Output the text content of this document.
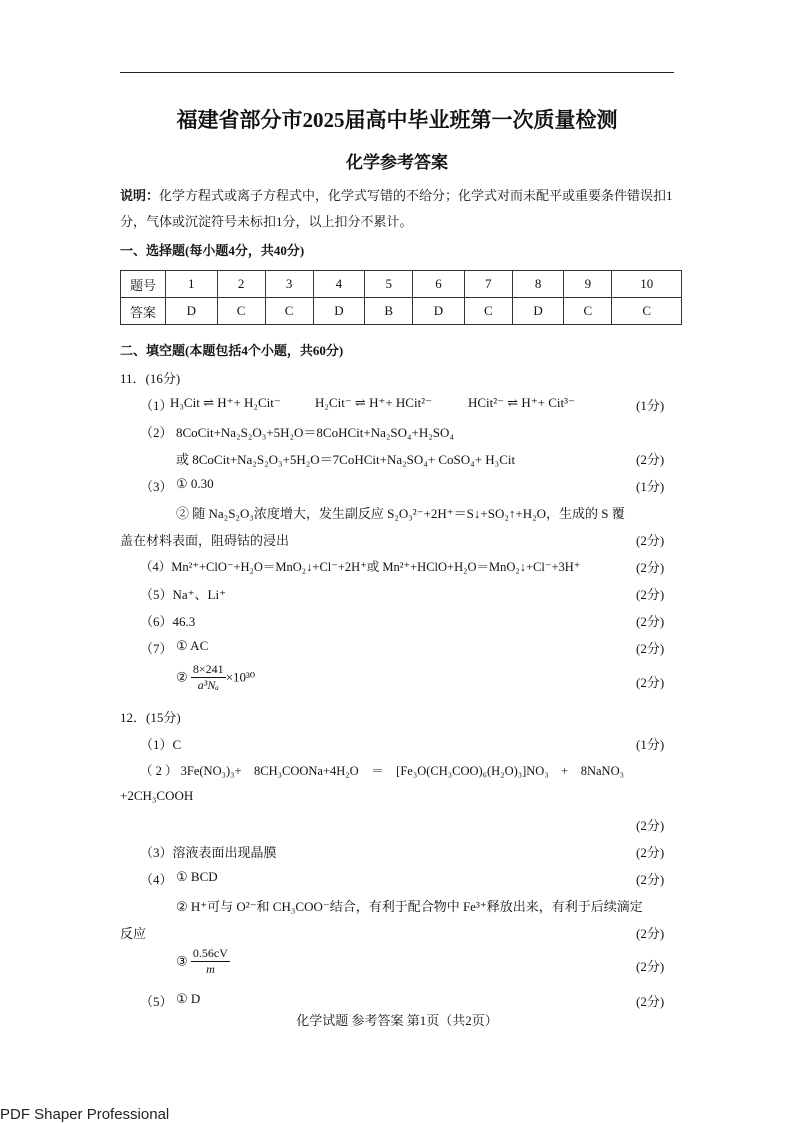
福建省部分市2025届高中毕业班第一次质量检测
化学参考答案
说明：化学方程式或离子方程式中，化学式写错的不给分；化学式对而未配平或重要条件错误扣1分，气体或沉淀符号未标扣1分，以上扣分不累计。
一、选择题(每小题4分，共40分)
题号	1	2	3	4	5	6	7	8	9	10
答案	D	C	C	D	B	D	C	D	C	C
二、填空题(本题包括4个小题，共60分)
11．(16分)
（1）
H₃Cit ⇌ H⁺+ H₂Cit⁻	H₂Cit⁻ ⇌ H⁺+ HCit²⁻	HCit²⁻ ⇌ H⁺+ Cit³⁻	(1分)
（2） 8CoCit+Na₂S₂O₃+5H₂O＝8CoHCit+Na₂SO₄+H₂SO₄
或 8CoCit+Na₂S₂O₃+5H₂O＝7CoHCit+Na₂SO₄+ CoSO₄+ H₃Cit	(2分)
（3） ① 0.30	(1分)
② 随 Na₂S₂O₃浓度增大，发生副反应 S₂O₃²⁻+2H⁺＝S↓+SO₂↑+H₂O，生成的 S 覆
盖在材料表面，阻碍钴的浸出	(2分)
（4）Mn²⁺+ClO⁻+H₂O＝MnO₂↓+Cl⁻+2H⁺或 Mn²⁺+HClO+H₂O＝MnO₂↓+Cl⁻+3H⁺	(2分)
（5）Na⁺、Li⁺	(2分)
（6）46.3	(2分)
（7） ① AC	(2分)
② $\frac{8\times 241}{\text{a³Nₐ}} \times 10^{30}$	(2分)
12．(15分)
（1）C	(1分)
（ 2 ） 3Fe(NO₃)₃+　8CH₃COONa+4H₂O　＝　[Fe₃O(CH₃COO)₆(H₂O)₃]NO₃　+　8NaNO₃
+2CH₃COOH
(2分)
（3）溶液表面出现晶膜	(2分)
（4） ① BCD	(2分)
② H⁺可与 O²⁻和 CH₃COO⁻结合，有利于配合物中 Fe³⁺释放出来，有利于后续滴定
反应	(2分)
③ $\frac{0.56cV}{m}$	(2分)
（5） ① D	(2分)
化学试题 参考答案 第1页（共2页）
PDF Shaper Professional
